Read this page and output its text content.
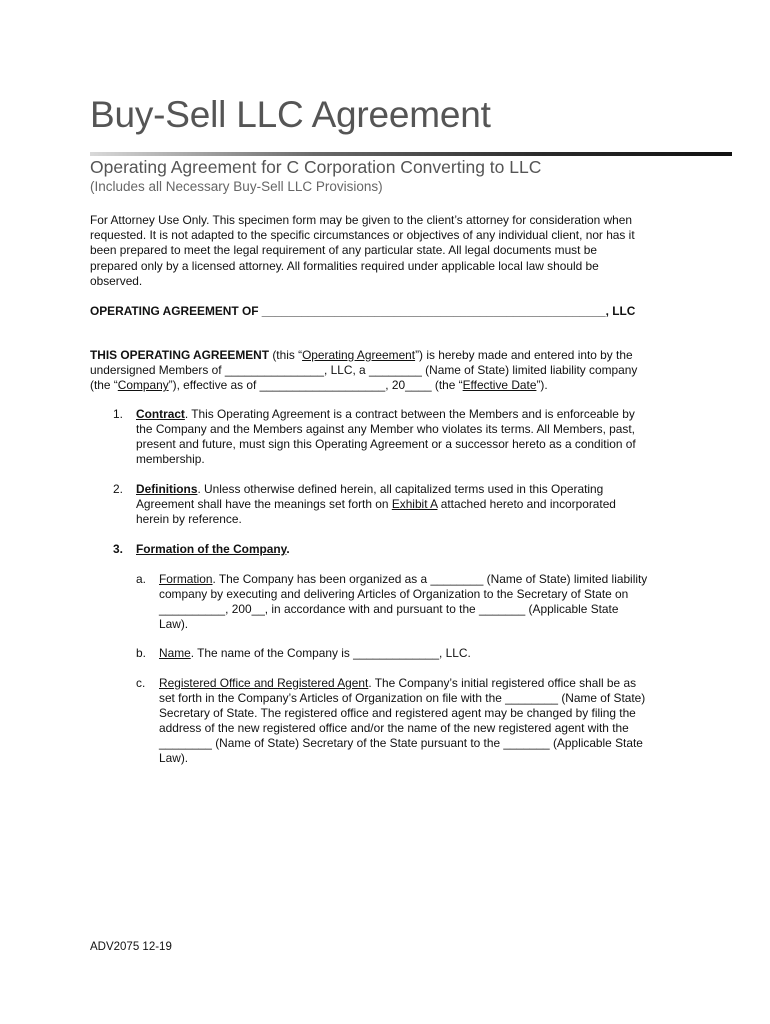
Buy-Sell LLC Agreement
Operating Agreement for C Corporation Converting to LLC
(Includes all Necessary Buy-Sell LLC Provisions)
For Attorney Use Only. This specimen form may be given to the client’s attorney for consideration when
requested. It is not adapted to the specific circumstances or objectives of any individual client, nor has it
been prepared to meet the legal requirement of any particular state. All legal documents must be
prepared only by a licensed attorney. All formalities required under applicable local law should be
observed.
OPERATING AGREEMENT OF ____________________________________________________, LLC
THIS OPERATING AGREEMENT (this “Operating Agreement”) is hereby made and entered into by the
undersigned Members of _______________, LLC, a ________ (Name of State) limited liability company
(the “Company”), effective as of ___________________, 20____ (the “Effective Date”).
1. Contract. This Operating Agreement is a contract between the Members and is enforceable by
the Company and the Members against any Member who violates its terms. All Members, past,
present and future, must sign this Operating Agreement or a successor hereto as a condition of
membership.
2. Definitions. Unless otherwise defined herein, all capitalized terms used in this Operating
Agreement shall have the meanings set forth on Exhibit A attached hereto and incorporated
herein by reference.
3. Formation of the Company.
a. Formation. The Company has been organized as a ________ (Name of State) limited liability
company by executing and delivering Articles of Organization to the Secretary of State on
__________, 200__, in accordance with and pursuant to the _______ (Applicable State
Law).
b. Name. The name of the Company is _____________, LLC.
c. Registered Office and Registered Agent. The Company’s initial registered office shall be as
set forth in the Company’s Articles of Organization on file with the ________ (Name of State)
Secretary of State. The registered office and registered agent may be changed by filing the
address of the new registered office and/or the name of the new registered agent with the
________ (Name of State) Secretary of the State pursuant to the _______ (Applicable State
Law).
ADV2075 12-19
